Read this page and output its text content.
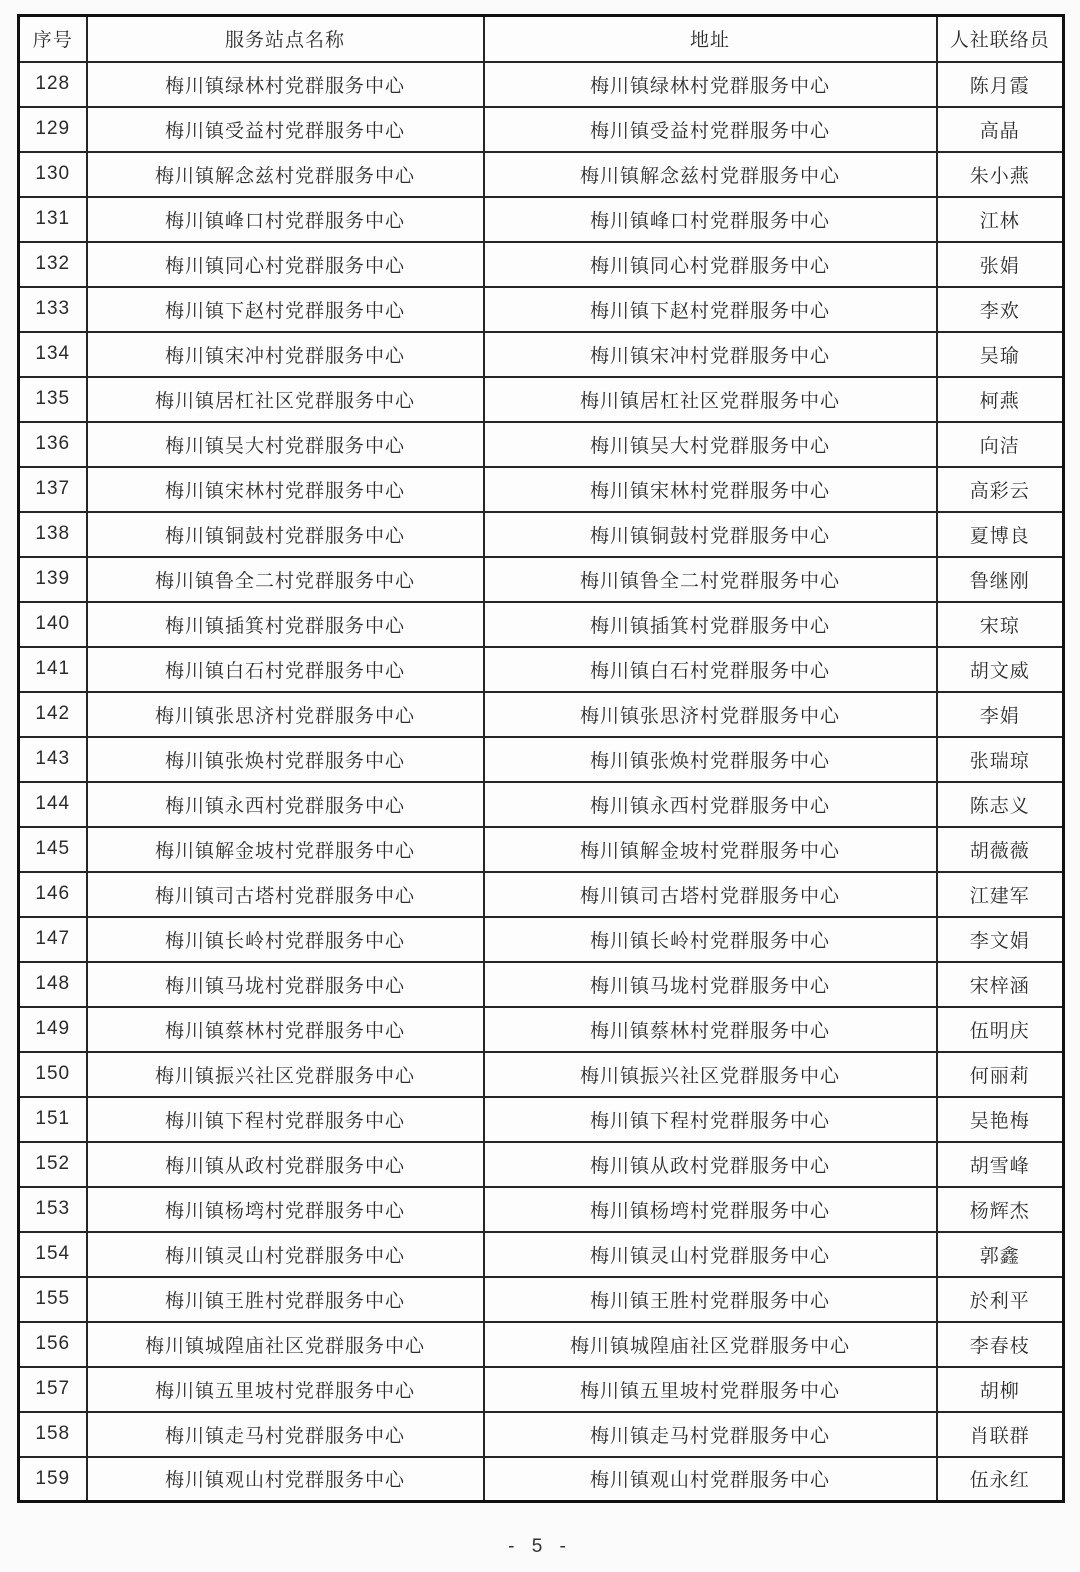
序号	服务站点名称	地址	人社联络员
128	梅川镇绿林村党群服务中心	梅川镇绿林村党群服务中心	陈月霞
129	梅川镇受益村党群服务中心	梅川镇受益村党群服务中心	高晶
130	梅川镇解念兹村党群服务中心	梅川镇解念兹村党群服务中心	朱小燕
131	梅川镇峰口村党群服务中心	梅川镇峰口村党群服务中心	江林
132	梅川镇同心村党群服务中心	梅川镇同心村党群服务中心	张娟
133	梅川镇下赵村党群服务中心	梅川镇下赵村党群服务中心	李欢
134	梅川镇宋冲村党群服务中心	梅川镇宋冲村党群服务中心	吴瑜
135	梅川镇居杠社区党群服务中心	梅川镇居杠社区党群服务中心	柯燕
136	梅川镇吴大村党群服务中心	梅川镇吴大村党群服务中心	向洁
137	梅川镇宋林村党群服务中心	梅川镇宋林村党群服务中心	高彩云
138	梅川镇铜鼓村党群服务中心	梅川镇铜鼓村党群服务中心	夏博良
139	梅川镇鲁全二村党群服务中心	梅川镇鲁全二村党群服务中心	鲁继刚
140	梅川镇插箕村党群服务中心	梅川镇插箕村党群服务中心	宋琼
141	梅川镇白石村党群服务中心	梅川镇白石村党群服务中心	胡文威
142	梅川镇张思济村党群服务中心	梅川镇张思济村党群服务中心	李娟
143	梅川镇张焕村党群服务中心	梅川镇张焕村党群服务中心	张瑞琼
144	梅川镇永西村党群服务中心	梅川镇永西村党群服务中心	陈志义
145	梅川镇解金坡村党群服务中心	梅川镇解金坡村党群服务中心	胡薇薇
146	梅川镇司古塔村党群服务中心	梅川镇司古塔村党群服务中心	江建军
147	梅川镇长岭村党群服务中心	梅川镇长岭村党群服务中心	李文娟
148	梅川镇马垅村党群服务中心	梅川镇马垅村党群服务中心	宋梓涵
149	梅川镇蔡林村党群服务中心	梅川镇蔡林村党群服务中心	伍明庆
150	梅川镇振兴社区党群服务中心	梅川镇振兴社区党群服务中心	何丽莉
151	梅川镇下程村党群服务中心	梅川镇下程村党群服务中心	吴艳梅
152	梅川镇从政村党群服务中心	梅川镇从政村党群服务中心	胡雪峰
153	梅川镇杨塆村党群服务中心	梅川镇杨塆村党群服务中心	杨辉杰
154	梅川镇灵山村党群服务中心	梅川镇灵山村党群服务中心	郭鑫
155	梅川镇王胜村党群服务中心	梅川镇王胜村党群服务中心	於利平
156	梅川镇城隍庙社区党群服务中心	梅川镇城隍庙社区党群服务中心	李春枝
157	梅川镇五里坡村党群服务中心	梅川镇五里坡村党群服务中心	胡柳
158	梅川镇走马村党群服务中心	梅川镇走马村党群服务中心	肖联群
159	梅川镇观山村党群服务中心	梅川镇观山村党群服务中心	伍永红
- 5 -
